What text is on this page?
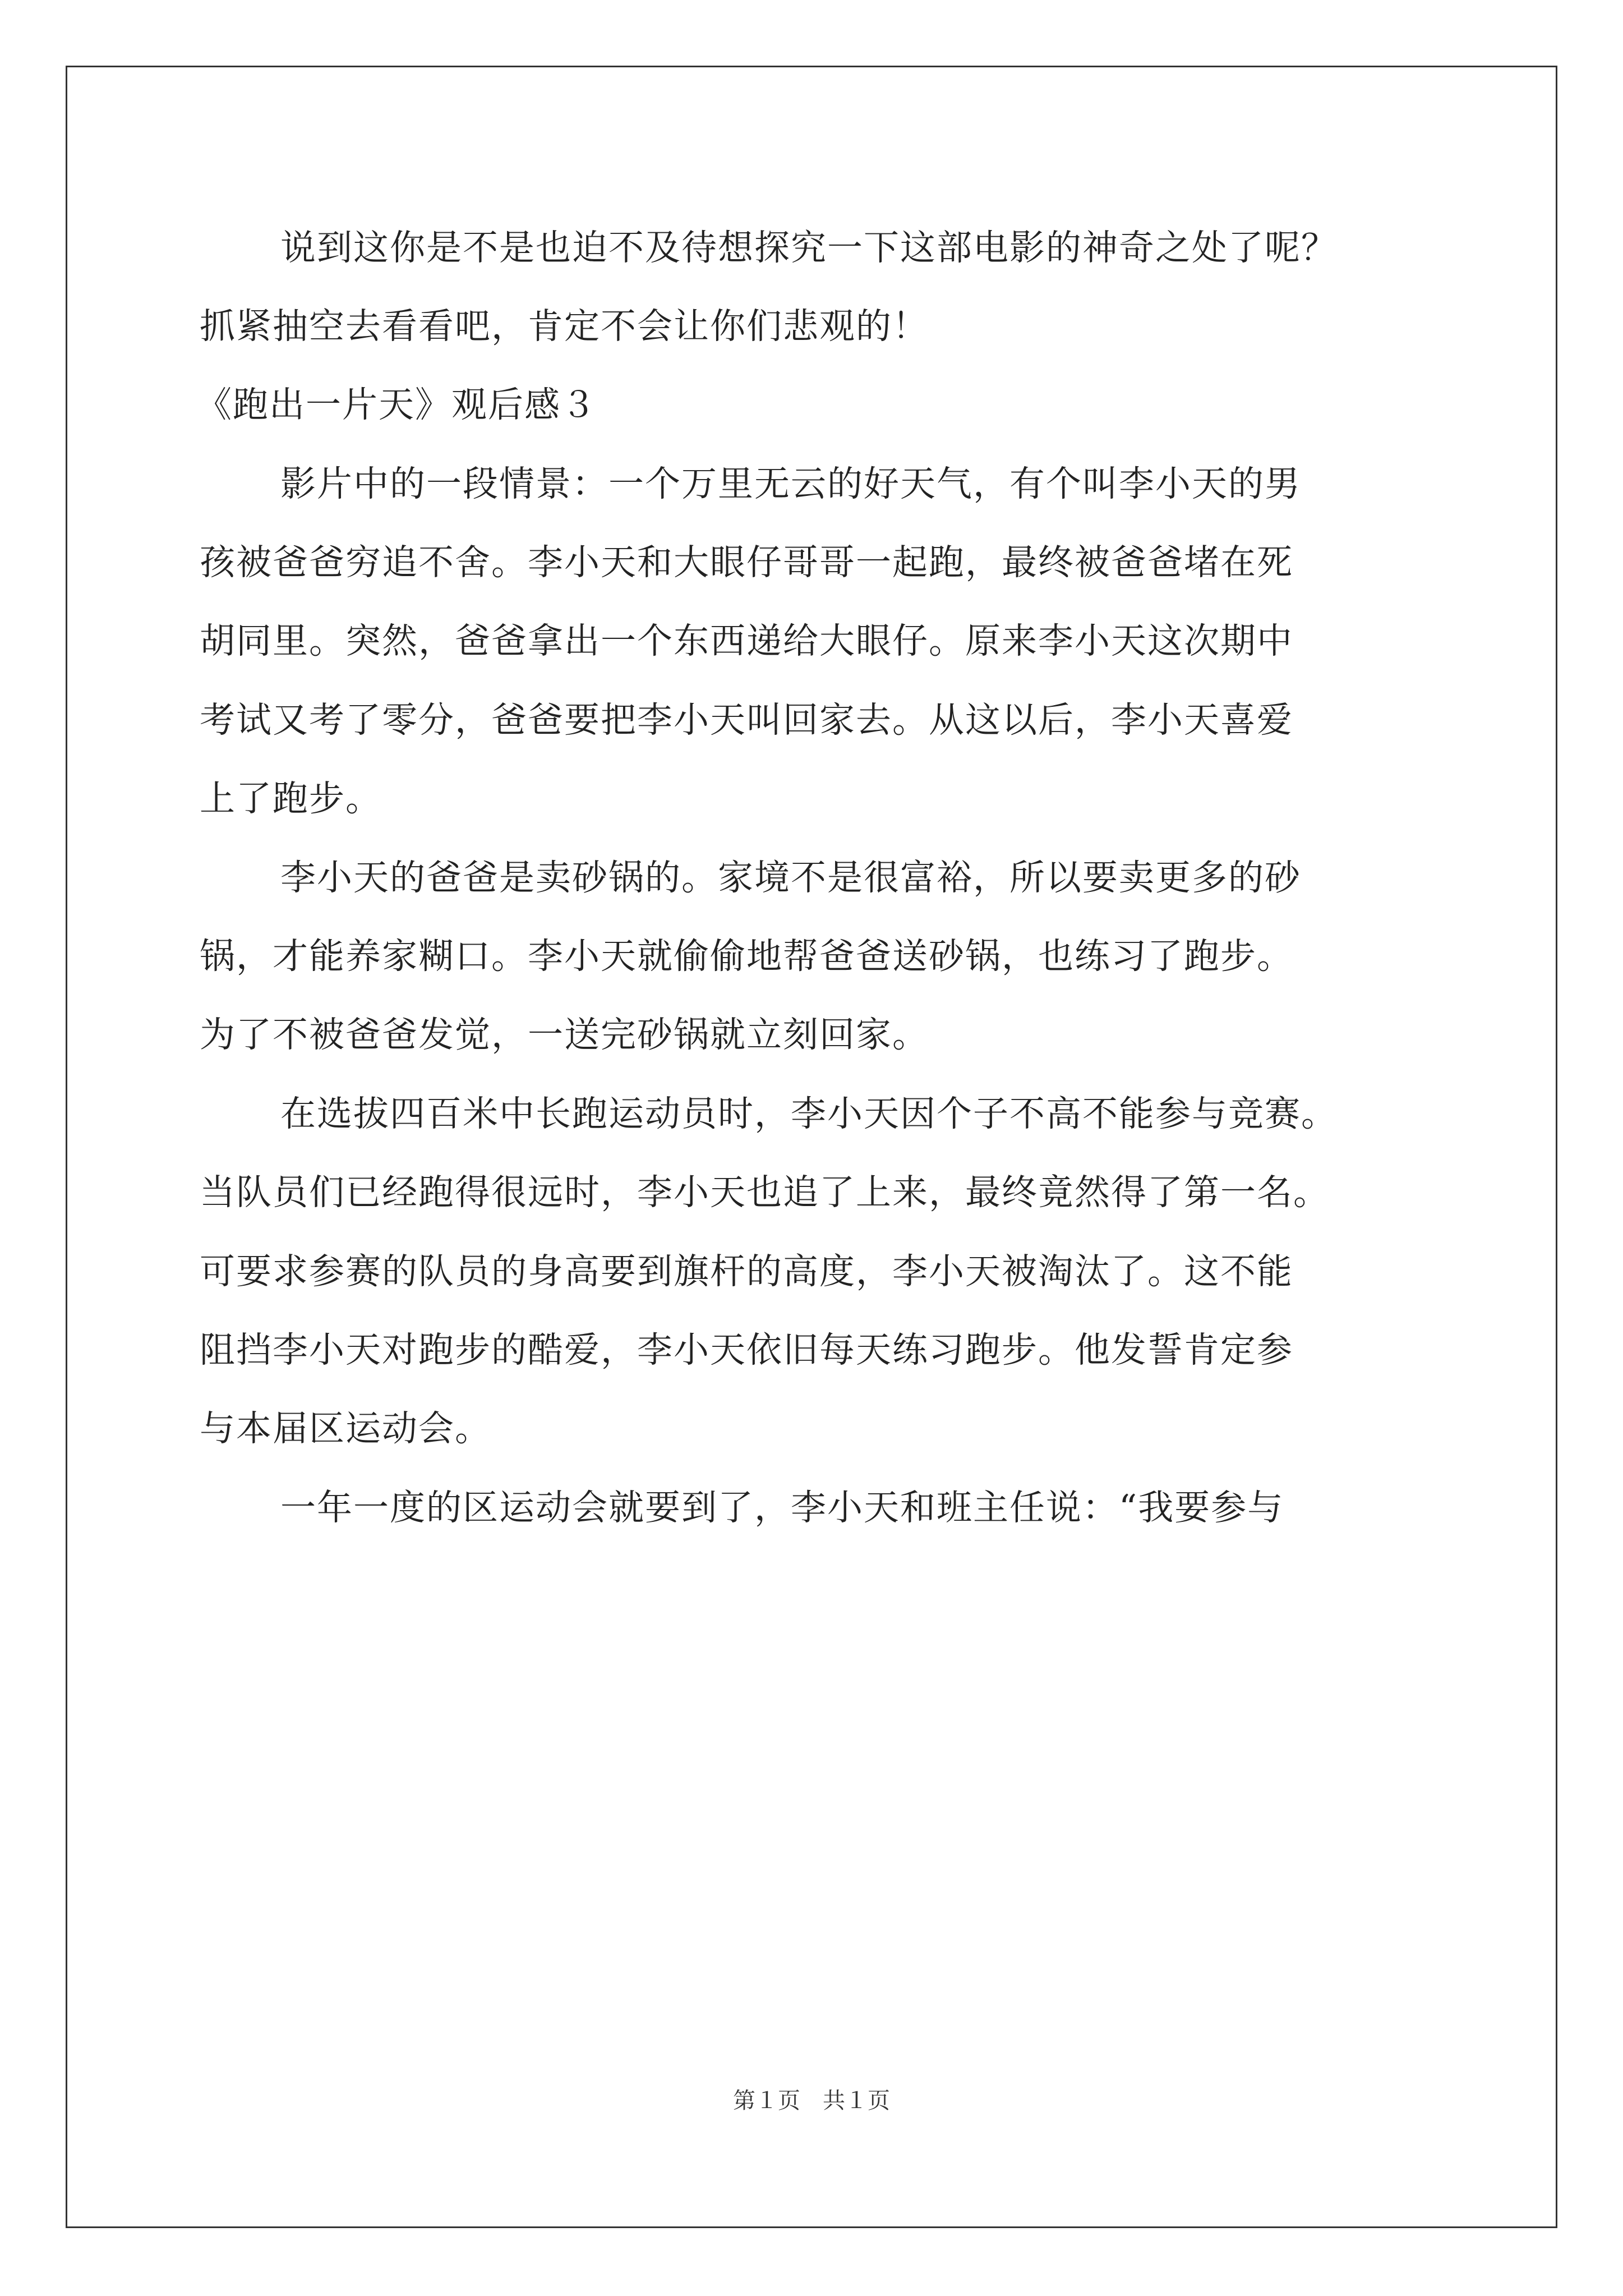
说到这你是不是也迫不及待想探究一下这部电影的神奇之处了呢？
抓紧抽空去看看吧，肯定不会让你们悲观的！
《跑出一片天》观后感３
影片中的一段情景：一个万里无云的好天气，有个叫李小天的男
孩被爸爸穷追不舍。李小天和大眼仔哥哥一起跑，最终被爸爸堵在死
胡同里。突然，爸爸拿出一个东西递给大眼仔。原来李小天这次期中
考试又考了零分，爸爸要把李小天叫回家去。从这以后，李小天喜爱
上了跑步。
李小天的爸爸是卖砂锅的。家境不是很富裕，所以要卖更多的砂
锅，才能养家糊口。李小天就偷偷地帮爸爸送砂锅，也练习了跑步。
为了不被爸爸发觉，一送完砂锅就立刻回家。
在选拔四百米中长跑运动员时，李小天因个子不高不能参与竞赛。
当队员们已经跑得很远时，李小天也追了上来，最终竟然得了第一名。
可要求参赛的队员的身高要到旗杆的高度，李小天被淘汰了。这不能
阻挡李小天对跑步的酷爱，李小天依旧每天练习跑步。他发誓肯定参
与本届区运动会。
一年一度的区运动会就要到了，李小天和班主任说：“我要参与
第１页　共１页
